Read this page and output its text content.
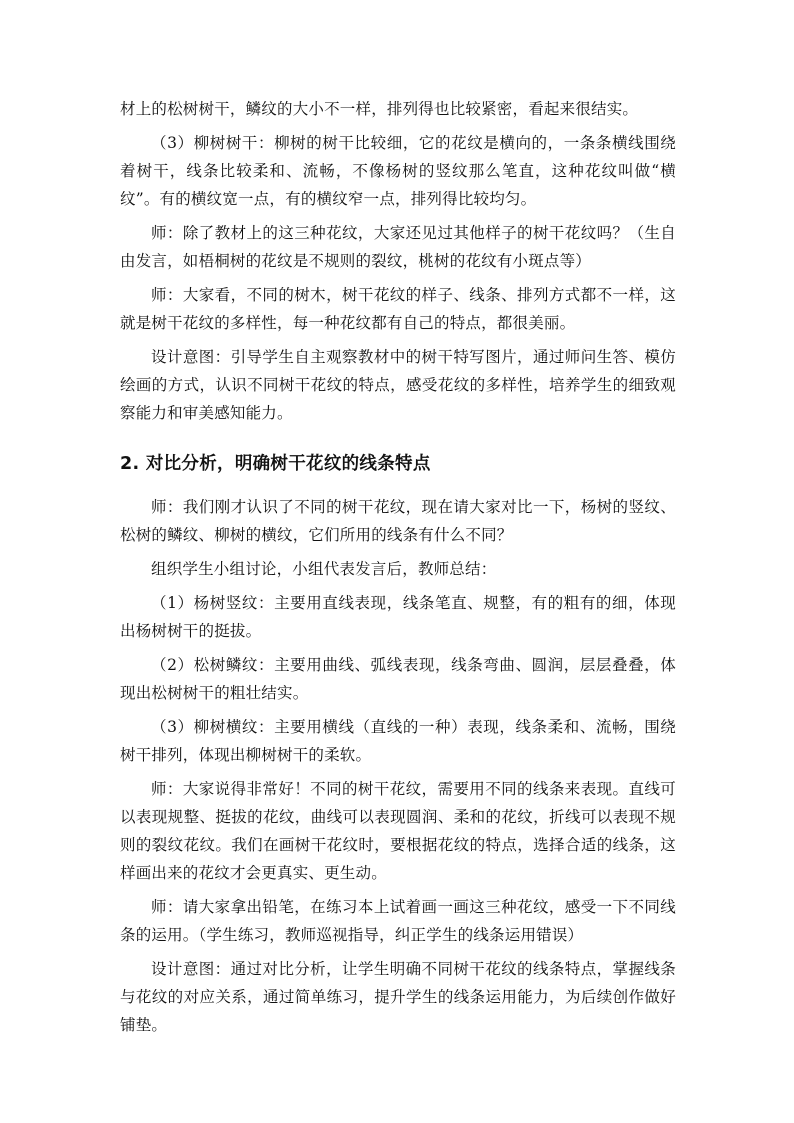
材上的松树树干，鳞纹的大小不一样，排列得也比较紧密，看起来很结实。

（3）柳树树干：柳树的树干比较细，它的花纹是横向的，一条条横线围绕着树干，线条比较柔和、流畅，不像杨树的竖纹那么笔直，这种花纹叫做“横纹”。有的横纹宽一点，有的横纹窄一点，排列得比较均匀。

师：除了教材上的这三种花纹，大家还见过其他样子的树干花纹吗？（生自由发言，如梧桐树的花纹是不规则的裂纹，桃树的花纹有小斑点等）

师：大家看，不同的树木，树干花纹的样子、线条、排列方式都不一样，这就是树干花纹的多样性，每一种花纹都有自己的特点，都很美丽。

设计意图：引导学生自主观察教材中的树干特写图片，通过师问生答、模仿绘画的方式，认识不同树干花纹的特点，感受花纹的多样性，培养学生的细致观察能力和审美感知能力。

2. 对比分析，明确树干花纹的线条特点

师：我们刚才认识了不同的树干花纹，现在请大家对比一下，杨树的竖纹、松树的鳞纹、柳树的横纹，它们所用的线条有什么不同？

组织学生小组讨论，小组代表发言后，教师总结：

（1）杨树竖纹：主要用直线表现，线条笔直、规整，有的粗有的细，体现出杨树树干的挺拔。

（2）松树鳞纹：主要用曲线、弧线表现，线条弯曲、圆润，层层叠叠，体现出松树树干的粗壮结实。

（3）柳树横纹：主要用横线（直线的一种）表现，线条柔和、流畅，围绕树干排列，体现出柳树树干的柔软。

师：大家说得非常好！不同的树干花纹，需要用不同的线条来表现。直线可以表现规整、挺拔的花纹，曲线可以表现圆润、柔和的花纹，折线可以表现不规则的裂纹花纹。我们在画树干花纹时，要根据花纹的特点，选择合适的线条，这样画出来的花纹才会更真实、更生动。

师：请大家拿出铅笔，在练习本上试着画一画这三种花纹，感受一下不同线条的运用。（学生练习，教师巡视指导，纠正学生的线条运用错误）

设计意图：通过对比分析，让学生明确不同树干花纹的线条特点，掌握线条与花纹的对应关系，通过简单练习，提升学生的线条运用能力，为后续创作做好铺垫。
